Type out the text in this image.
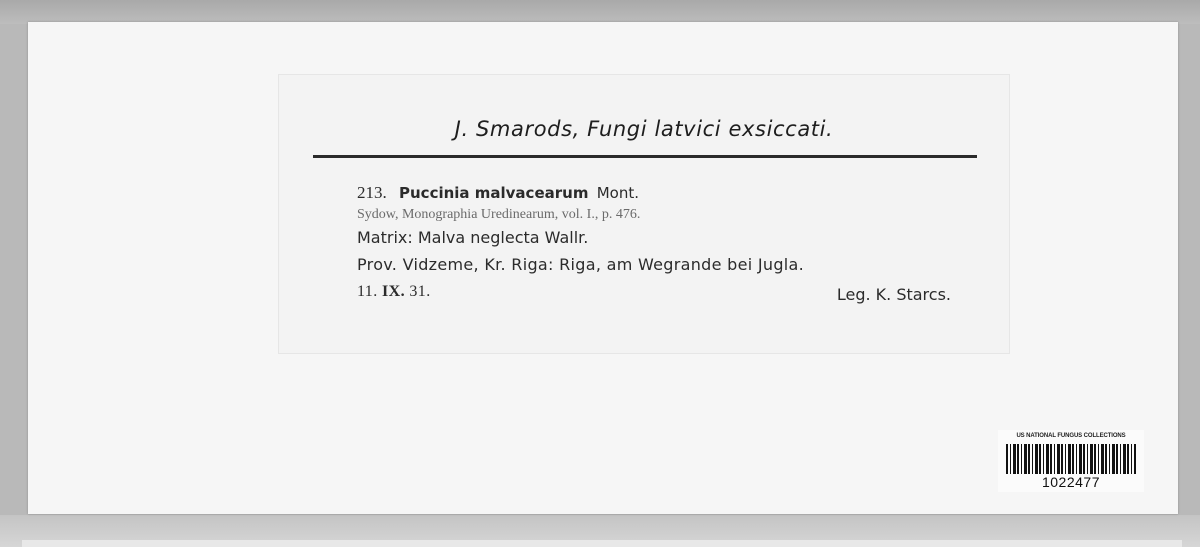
J. Smarods, Fungi latvici exsiccati.
213. Puccinia malvacearum Mont.
Sydow, Monographia Uredinearum, vol. I., p. 476.
Matrix: Malva neglecta Wallr.
Prov. Vidzeme, Kr. Riga: Riga, am Wegrande bei Jugla.
11. IX. 31.	Leg. K. Starcs.
US NATIONAL FUNGUS COLLECTIONS
1022477
